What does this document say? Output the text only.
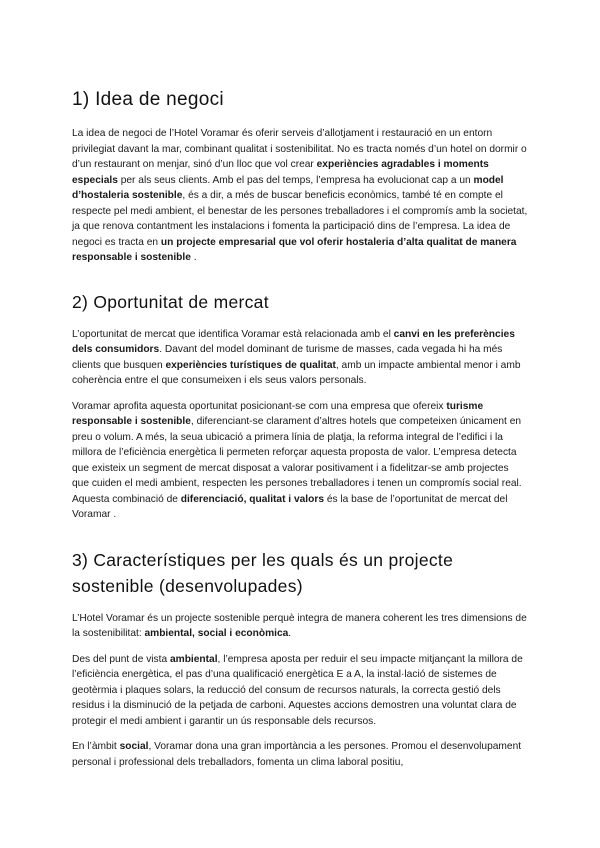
1) Idea de negoci

La idea de negoci de l’Hotel Voramar és oferir serveis d’allotjament i restauració en un entorn privilegiat davant la mar, combinant qualitat i sostenibilitat. No es tracta només d’un hotel on dormir o d’un restaurant on menjar, sinó d’un lloc que vol crear experiències agradables i moments especials per als seus clients. Amb el pas del temps, l’empresa ha evolucionat cap a un model d’hostaleria sostenible, és a dir, a més de buscar beneficis econòmics, també té en compte el respecte pel medi ambient, el benestar de les persones treballadores i el compromís amb la societat, ja que renova contantment les instalacions i fomenta la participació dins de l’empresa. La idea de negoci es tracta en un projecte empresarial que vol oferir hostaleria d’alta qualitat de manera responsable i sostenible .

2) Oportunitat de mercat

L’oportunitat de mercat que identifica Voramar està relacionada amb el canvi en les preferències dels consumidors. Davant del model dominant de turisme de masses, cada vegada hi ha més clients que busquen experiències turístiques de qualitat, amb un impacte ambiental menor i amb coherència entre el que consumeixen i els seus valors personals.

Voramar aprofita aquesta oportunitat posicionant-se com una empresa que ofereix turisme responsable i sostenible, diferenciant-se clarament d’altres hotels que competeixen únicament en preu o volum. A més, la seua ubicació a primera línia de platja, la reforma integral de l’edifici i la millora de l’eficiència energètica li permeten reforçar aquesta proposta de valor. L’empresa detecta que existeix un segment de mercat disposat a valorar positivament i a fidelitzar-se amb projectes que cuiden el medi ambient, respecten les persones treballadores i tenen un compromís social real. Aquesta combinació de diferenciació, qualitat i valors és la base de l’oportunitat de mercat del Voramar .

3) Característiques per les quals és un projecte sostenible (desenvolupades)

L’Hotel Voramar és un projecte sostenible perquè integra de manera coherent les tres dimensions de la sostenibilitat: ambiental, social i econòmica.

Des del punt de vista ambiental, l’empresa aposta per reduir el seu impacte mitjançant la millora de l’eficiència energètica, el pas d’una qualificació energètica E a A, la instal·lació de sistemes de geotèrmia i plaques solars, la reducció del consum de recursos naturals, la correcta gestió dels residus i la disminució de la petjada de carboni. Aquestes accions demostren una voluntat clara de protegir el medi ambient i garantir un ús responsable dels recursos.

En l’àmbit social, Voramar dona una gran importància a les persones. Promou el desenvolupament personal i professional dels treballadors, fomenta un clima laboral positiu,
